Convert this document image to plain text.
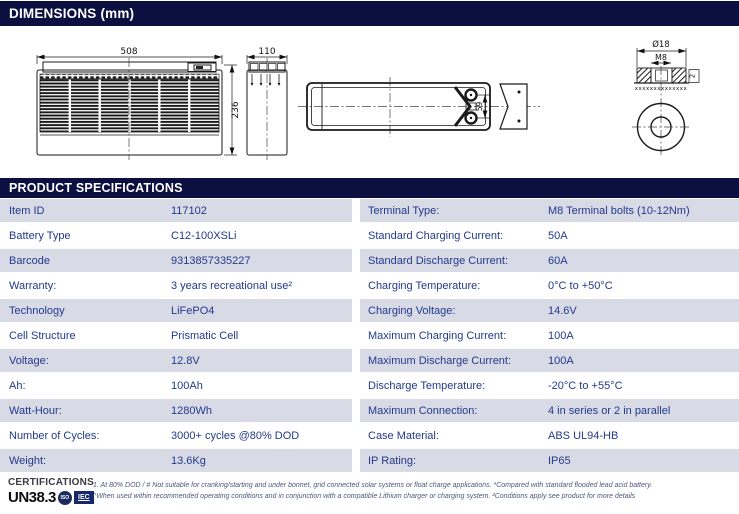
DIMENSIONS (mm)
508
236
110
59
Ø18
M8
xxxxxxxxxxxxxx
2
PRODUCT SPECIFICATIONS
Item ID	117102
Battery Type	C12-100XSLi
Barcode	9313857335227
Warranty:	3 years recreational use²
Technology	LiFePO4
Cell Structure	Prismatic Cell
Voltage:	12.8V
Ah:	100Ah
Watt-Hour:	1280Wh
Number of Cycles:	3000+ cycles @80% DOD
Weight:	13.6Kg
Terminal Type:	M8 Terminal bolts (10-12Nm)
Standard Charging Current:	50A
Standard Discharge Current:	60A
Charging Temperature:	0°C to +50°C
Charging Voltage:	14.6V
Maximum Charging Current:	100A
Maximum Discharge Current:	100A
Discharge Temperature:	-20°C to +55°C
Maximum Connection:	4 in series or 2 in parallel
Case Material:	ABS UL94-HB
IP Rating:	IP65
CERTIFICATIONS
UN38.3 ISO	IEC
1. At 80% DOD / # Not suitable for cranking/starting and under bonnet, grid connected solar systems or float charge applications. *Compared with standard flooded lead acid battery.
^When used within recommended operating conditions and in conjunction with a compatible Lithium charger or charging system. ²Conditions apply see product for more details
